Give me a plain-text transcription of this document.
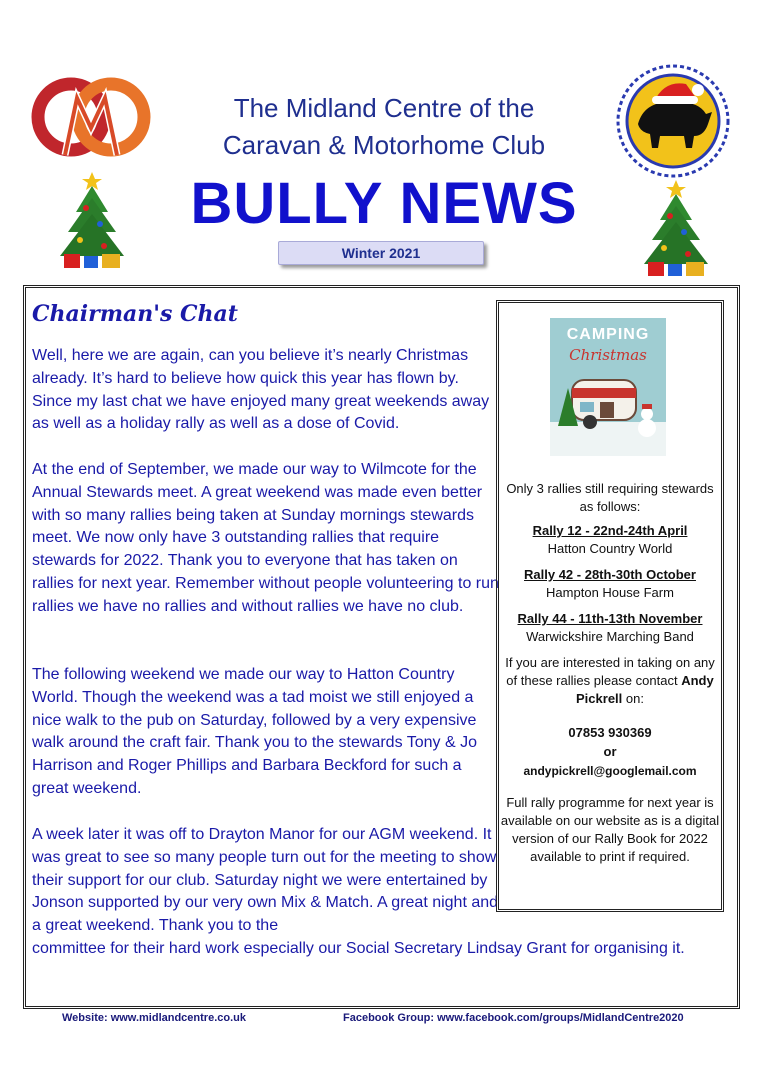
The Midland Centre of the
Caravan & Motorhome Club
BULLY NEWS
Winter 2021
Chairman's Chat
Well, here we are again, can you believe it’s nearly Christmas already. It’s hard to believe how quick this year has flown by. Since my last chat we have enjoyed many great weekends away as well as a holiday rally as well as a dose of Covid.
At the end of September, we made our way to Wilmcote for the Annual Stewards meet. A great weekend was made even better with so many rallies being taken at Sunday mornings stewards meet. We now only have 3 outstanding rallies that require stewards for 2022. Thank you to everyone that has taken on rallies for next year. Remember without people volunteering to run rallies we have no rallies and without rallies we have no club.
The following weekend we made our way to Hatton Country World. Though the weekend was a tad moist we still enjoyed a nice walk to the pub on Saturday, followed by a very expensive walk around the craft fair. Thank you to the stewards Tony & Jo Harrison and Roger Phillips and Barbara Beckford for such a great weekend.
A week later it was off to Drayton Manor for our AGM weekend. It was great to see so many people turn out for the meeting to show their support for our club. Saturday night we were entertained by Jonson supported by our very own Mix & Match. A great night and a great weekend. Thank you to the
committee for their hard work especially our Social Secretary Lindsay Grant for organising it.
CAMPING
Christmas
Only 3 rallies still requiring stewards as follows:
Rally 12 - 22nd-24th April
Hatton Country World
Rally 42 - 28th-30th October
Hampton House Farm
Rally 44 - 11th-13th November
Warwickshire Marching Band
If you are interested in taking on any of these rallies please contact Andy Pickrell on:
07853 930369
or
andypickrell@googlemail.com
Full rally programme for next year is available on our website as is a digital version of our Rally Book for 2022 available to print if required.
Website: www.midlandcentre.co.uk	Facebook Group: www.facebook.com/groups/MidlandCentre2020
